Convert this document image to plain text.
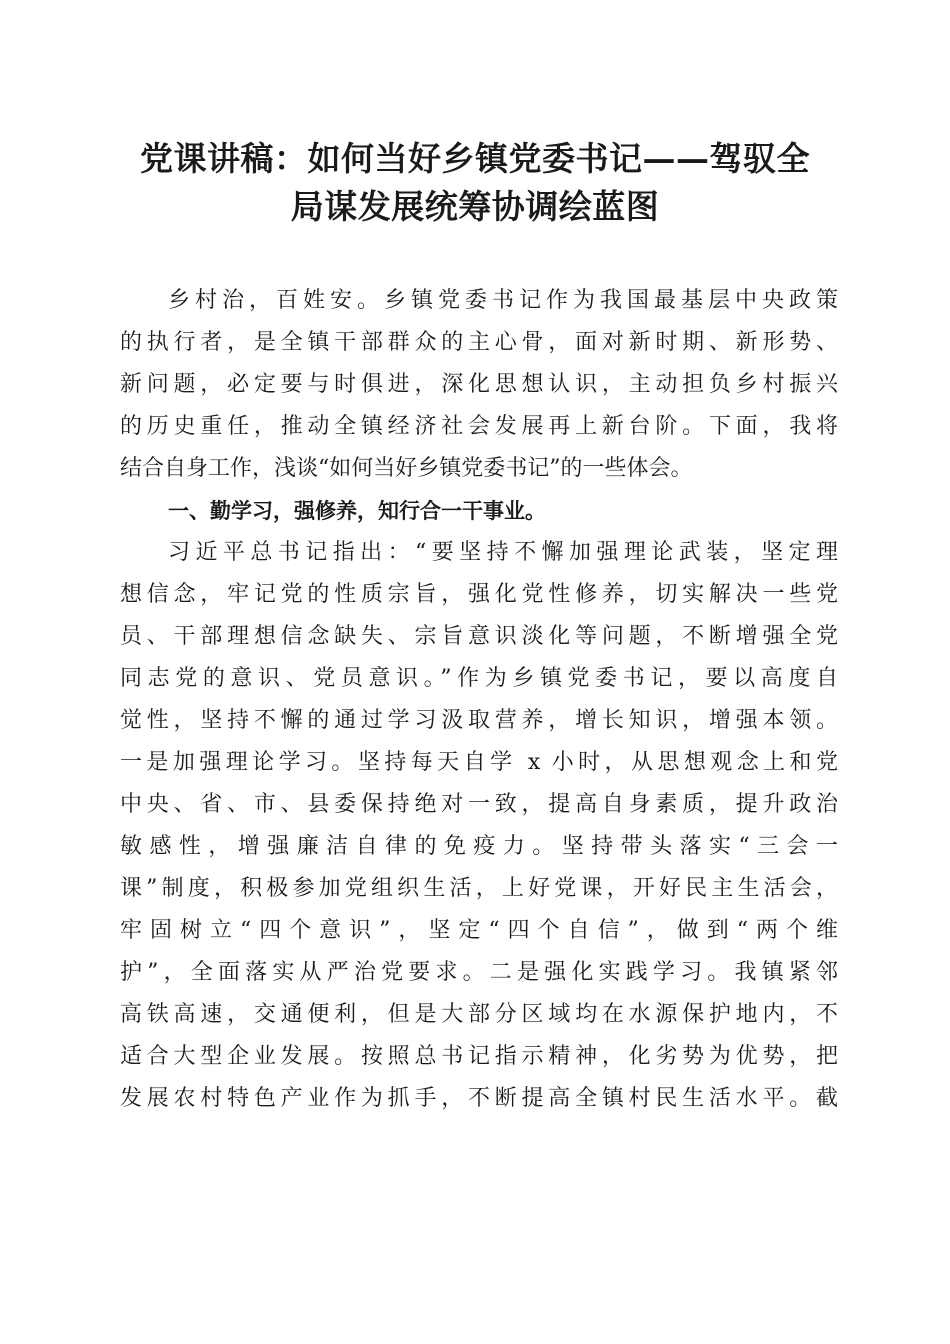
党课讲稿：如何当好乡镇党委书记——驾驭全
局谋发展统筹协调绘蓝图
乡村治，百姓安。乡镇党委书记作为我国最基层中央政策
的执行者，是全镇干部群众的主心骨，面对新时期、新形势、
新问题，必定要与时俱进，深化思想认识，主动担负乡村振兴
的历史重任，推动全镇经济社会发展再上新台阶。下面，我将
结合自身工作，浅谈“如何当好乡镇党委书记”的一些体会。
一、勤学习，强修养，知行合一干事业。
习近平总书记指出：“要坚持不懈加强理论武装，坚定理
想信念，牢记党的性质宗旨，强化党性修养，切实解决一些党
员、干部理想信念缺失、宗旨意识淡化等问题，不断增强全党
同志党的意识、党员意识。”作为乡镇党委书记，要以高度自
觉性，坚持不懈的通过学习汲取营养，增长知识，增强本领。
一是加强理论学习。坚持每天自学 x 小时，从思想观念上和党
中央、省、市、县委保持绝对一致，提高自身素质，提升政治
敏感性，增强廉洁自律的免疫力。坚持带头落实“三会一
课”制度，积极参加党组织生活，上好党课，开好民主生活会，
牢固树立“四个意识”，坚定“四个自信”，做到“两个维
护”，全面落实从严治党要求。二是强化实践学习。我镇紧邻
高铁高速，交通便利，但是大部分区域均在水源保护地内，不
适合大型企业发展。按照总书记指示精神，化劣势为优势，把
发展农村特色产业作为抓手，不断提高全镇村民生活水平。截
